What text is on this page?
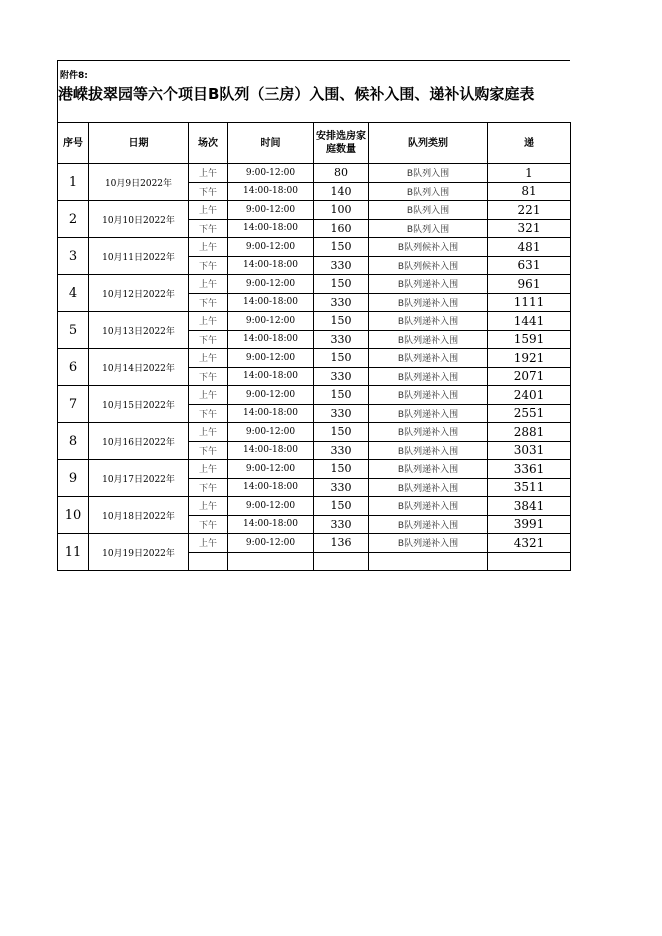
附件8:
港嵘拔翠园等六个项目B队列（三房）入围、候补入围、递补认购家庭表
序号	日期	场次	时间	安排选房家庭数量	队列类别	递
1	10月9日2022年	上午	9:00-12:00	80	B队列入围	1
		下午	14:00-18:00	140	B队列入围	81
2	10月10日2022年	上午	9:00-12:00	100	B队列入围	221
		下午	14:00-18:00	160	B队列入围	321
3	10月11日2022年	上午	9:00-12:00	150	B队列候补入围	481
		下午	14:00-18:00	330	B队列候补入围	631
4	10月12日2022年	上午	9:00-12:00	150	B队列递补入围	961
		下午	14:00-18:00	330	B队列递补入围	1111
5	10月13日2022年	上午	9:00-12:00	150	B队列递补入围	1441
		下午	14:00-18:00	330	B队列递补入围	1591
6	10月14日2022年	上午	9:00-12:00	150	B队列递补入围	1921
		下午	14:00-18:00	330	B队列递补入围	2071
7	10月15日2022年	上午	9:00-12:00	150	B队列递补入围	2401
		下午	14:00-18:00	330	B队列递补入围	2551
8	10月16日2022年	上午	9:00-12:00	150	B队列递补入围	2881
		下午	14:00-18:00	330	B队列递补入围	3031
9	10月17日2022年	上午	9:00-12:00	150	B队列递补入围	3361
		下午	14:00-18:00	330	B队列递补入围	3511
10	10月18日2022年	上午	9:00-12:00	150	B队列递补入围	3841
		下午	14:00-18:00	330	B队列递补入围	3991
11	10月19日2022年	上午	9:00-12:00	136	B队列递补入围	4321
